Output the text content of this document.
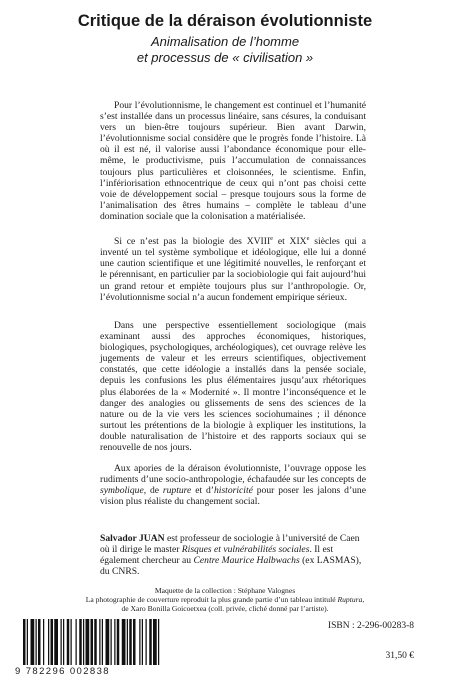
Critique de la déraison évolutionniste
Animalisation de l’homme
et processus de « civilisation »

Pour l’évolutionnisme, le changement est continuel et l’humanité s’est installée dans un processus linéaire, sans césures, la conduisant vers un bien-être toujours supérieur. Bien avant Darwin, l’évolutionnisme social considère que le progrès fonde l’histoire. Là où il est né, il valorise aussi l’abondance économique pour elle-même, le productivisme, puis l’accumulation de connaissances toujours plus particulières et cloisonnées, le scientisme. Enfin, l’infériorisation ethnocentrique de ceux qui n’ont pas choisi cette voie de développement social – presque toujours sous la forme de l’animalisation des êtres humains – complète le tableau d’une domination sociale que la colonisation a matérialisée.

Si ce n’est pas la biologie des XVIIIe et XIXe siècles qui a inventé un tel système symbolique et idéologique, elle lui a donné une caution scientifique et une légitimité nouvelles, le renforçant et le pérennisant, en particulier par la sociobiologie qui fait aujourd’hui un grand retour et empiète toujours plus sur l’anthropologie. Or, l’évolutionnisme social n’a aucun fondement empirique sérieux.

Dans une perspective essentiellement sociologique (mais examinant aussi des approches économiques, historiques, biologiques, psychologiques, archéologiques), cet ouvrage relève les jugements de valeur et les erreurs scientifiques, objectivement constatés, que cette idéologie a installés dans la pensée sociale, depuis les confusions les plus élémentaires jusqu’aux rhétoriques plus élaborées de la « Modernité ». Il montre l’inconséquence et le danger des analogies ou glissements de sens des sciences de la nature ou de la vie vers les sciences sociohumaines ; il dénonce surtout les prétentions de la biologie à expliquer les institutions, la double naturalisation de l’histoire et des rapports sociaux qui se renouvelle de nos jours.

Aux apories de la déraison évolutionniste, l’ouvrage oppose les rudiments d’une socio-anthropologie, échafaudée sur les concepts de symbolique, de rupture et d’historicité pour poser les jalons d’une vision plus réaliste du changement social.

Salvador JUAN est professeur de sociologie à l’université de Caen où il dirige le master Risques et vulnérabilités sociales. Il est également chercheur au Centre Maurice Halbwachs (ex LASMAS), du CNRS.
Maquette de la collection : Stéphane Valognes
La photographie de couverture reproduit la plus grande partie d’un tableau intitulé Ruptura,
de Xaro Bonilla Goicoetxea (coll. privée, cliché donné par l’artiste).
9 782296 002838
ISBN : 2-296-00283-8
31,50 €
